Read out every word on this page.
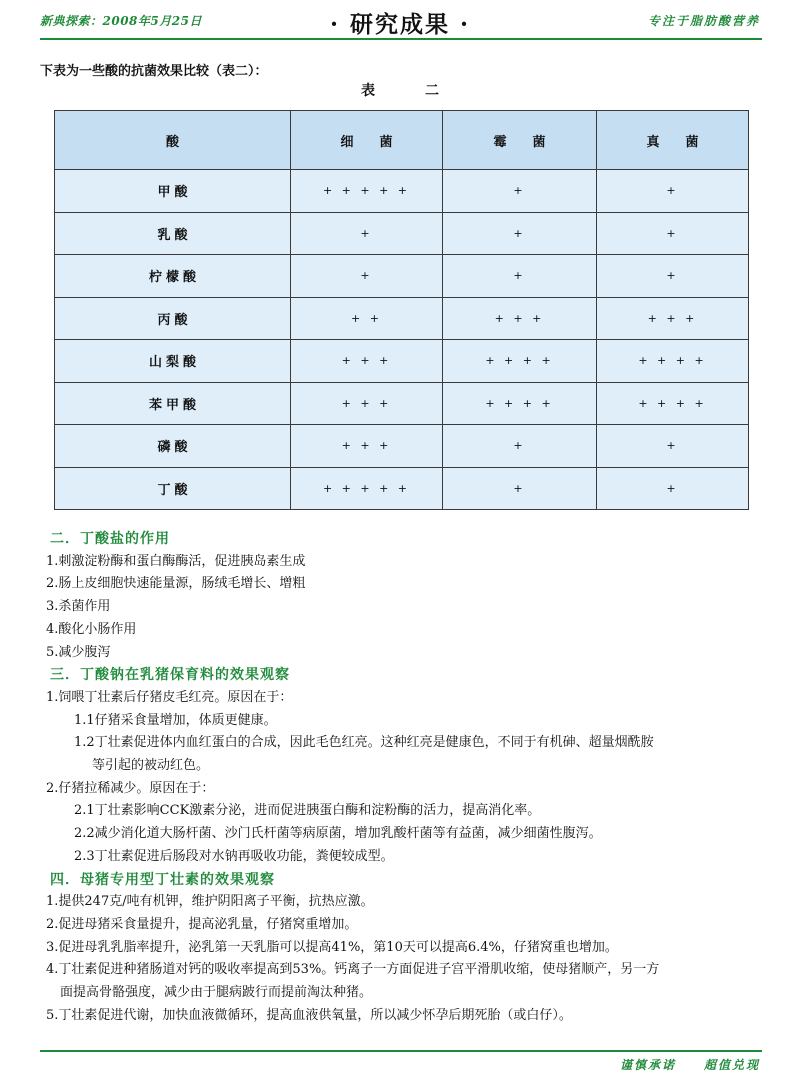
新典探索：2008年5月25日	· 研究成果 ·	专注于脂肪酸营养
下表为一些酸的抗菌效果比较（表二）：
表二
酸	细菌	霉菌	真菌
甲酸	+ + + + +	+	+
乳酸	+	+	+
柠檬酸	+	+	+
丙酸	+ +	+ + +	+ + +
山梨酸	+ + +	+ + + +	+ + + +
苯甲酸	+ + +	+ + + +	+ + + +
磷酸	+ + +	+	+
丁酸	+ + + + +	+	+
二．丁酸盐的作用
1.刺激淀粉酶和蛋白酶酶活，促进胰岛素生成
2.肠上皮细胞快速能量源，肠绒毛增长、增粗
3.杀菌作用
4.酸化小肠作用
5.减少腹泻
三．丁酸钠在乳猪保育料的效果观察
1.饲喂丁壮素后仔猪皮毛红亮。原因在于：
1.1仔猪采食量增加，体质更健康。
1.2丁壮素促进体内血红蛋白的合成，因此毛色红亮。这种红亮是健康色，不同于有机砷、超量烟酰胺
等引起的被动红色。
2.仔猪拉稀减少。原因在于：
2.1丁壮素影响CCK激素分泌，进而促进胰蛋白酶和淀粉酶的活力，提高消化率。
2.2减少消化道大肠杆菌、沙门氏杆菌等病原菌，增加乳酸杆菌等有益菌，减少细菌性腹泻。
2.3丁壮素促进后肠段对水钠再吸收功能，粪便较成型。
四．母猪专用型丁壮素的效果观察
1.提供247克/吨有机钾，维护阴阳离子平衡，抗热应激。
2.促进母猪采食量提升，提高泌乳量，仔猪窝重增加。
3.促进母乳乳脂率提升，泌乳第一天乳脂可以提高41%，第10天可以提高6.4%，仔猪窝重也增加。
4.丁壮素促进种猪肠道对钙的吸收率提高到53%。钙离子一方面促进子宫平滑肌收缩，使母猪顺产，另一方
面提高骨骼强度，减少由于腿病跛行而提前淘汰种猪。
5.丁壮素促进代谢，加快血液微循环，提高血液供氧量，所以减少怀孕后期死胎（或白仔）。
谨慎承诺 超值兑现
